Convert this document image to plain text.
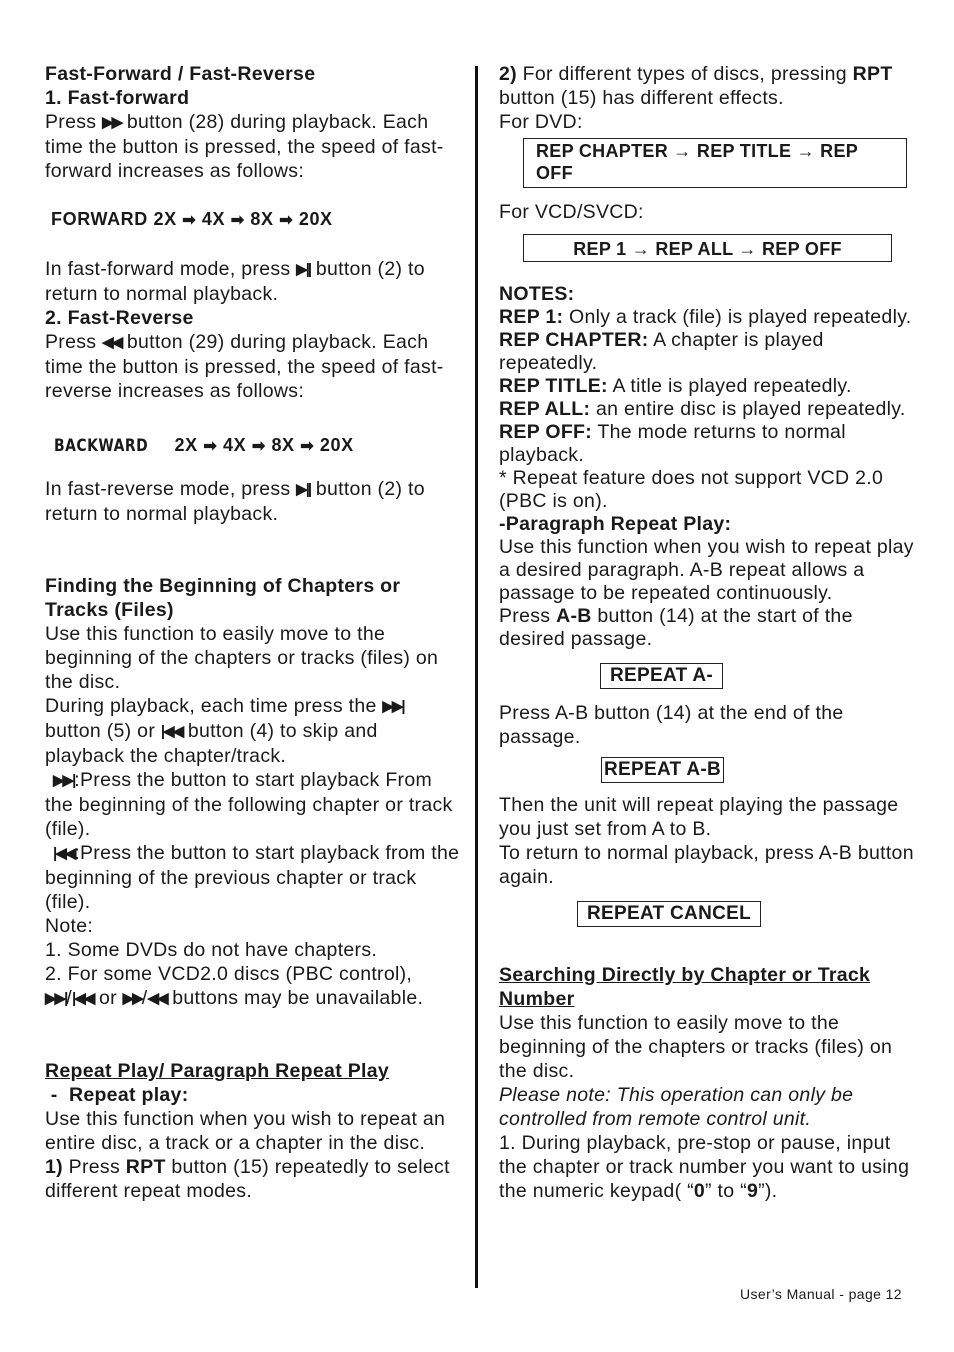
Fast-Forward / Fast-Reverse
1. Fast-forward
Press ▶▶ button (28) during playback. Each time the button is pressed, the speed of fast-forward increases as follows:
FORWARD 2X ➡ 4X ➡ 8X ➡ 20X
In fast-forward mode, press ▶|| button (2) to return to normal playback.
2. Fast-Reverse
Press ◀◀ button (29) during playback. Each time the button is pressed, the speed of fast-reverse increases as follows:
BACKWARD 2X ➡ 4X ➡ 8X ➡ 20X
In fast-reverse mode, press ▶|| button (2) to return to normal playback.
Finding the Beginning of Chapters or Tracks (Files)
Use this function to easily move to the beginning of the chapters or tracks (files) on the disc.
During playback, each time press the ▶▶| button (5) or |◀◀ button (4) to skip and playback the chapter/track.
▶▶|:Press the button to start playback From the beginning of the following chapter or track (file).
|◀◀:Press the button to start playback from the beginning of the previous chapter or track (file).
Note:
1. Some DVDs do not have chapters.
2. For some VCD2.0 discs (PBC control),
▶▶|/|◀◀ or ▶▶/◀◀ buttons may be unavailable.
Repeat Play/ Paragraph Repeat Play
-  Repeat play:
Use this function when you wish to repeat an entire disc, a track or a chapter in the disc.
1) Press RPT button (15) repeatedly to select different repeat modes.
2) For different types of discs, pressing RPT button (15) has different effects.
For DVD:
REP CHAPTER → REP TITLE → REP OFF
For VCD/SVCD:
REP 1 → REP ALL → REP OFF
NOTES:
REP 1: Only a track (file) is played repeatedly.
REP CHAPTER: A chapter is played repeatedly.
REP TITLE: A title is played repeatedly.
REP ALL: an entire disc is played repeatedly.
REP OFF: The mode returns to normal playback.
* Repeat feature does not support VCD 2.0 (PBC is on).
-Paragraph Repeat Play:
Use this function when you wish to repeat play a desired paragraph. A-B repeat allows a passage to be repeated continuously.
Press A-B button (14) at the start of the desired passage.
REPEAT A-
Press A-B button (14) at the end of the passage.
REPEAT A-B
Then the unit will repeat playing the passage you just set from A to B.
To return to normal playback, press A-B button again.
REPEAT CANCEL
Searching Directly by Chapter or Track Number
Use this function to easily move to the beginning of the chapters or tracks (files) on the disc.
Please note: This operation can only be controlled from remote control unit.
1. During playback, pre-stop or pause, input the chapter or track number you want to using the numeric keypad( “0” to “9”).
User’s Manual - page 12
